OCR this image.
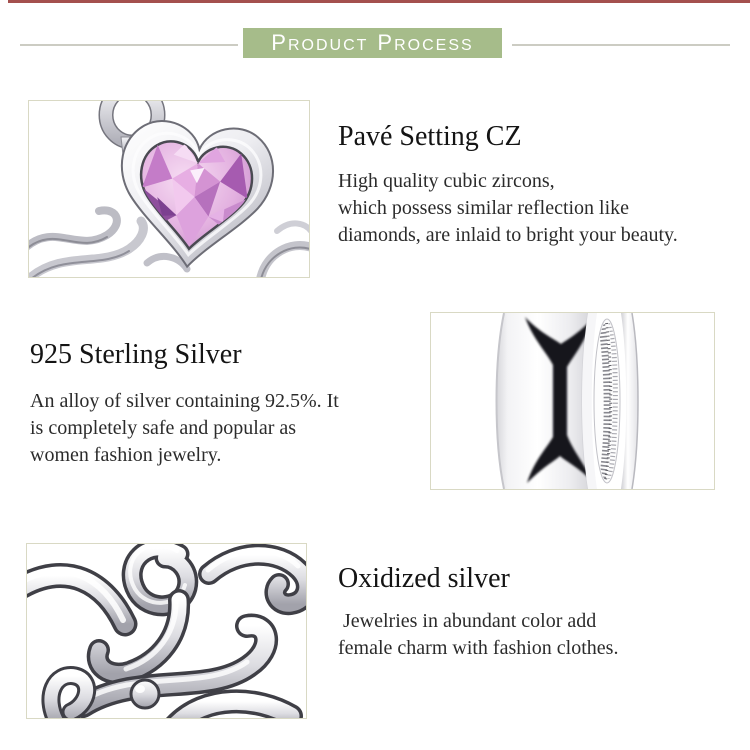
PRODUCT PROCESS
Pavé Setting CZ
High quality cubic zircons,
which possess similar reflection like
diamonds, are inlaid to bright your beauty.
925 Sterling Silver
An alloy of silver containing 92.5%. It
is completely safe and popular as
women fashion jewelry.
Oxidized silver
Jewelries in abundant color add
female charm with fashion clothes.
